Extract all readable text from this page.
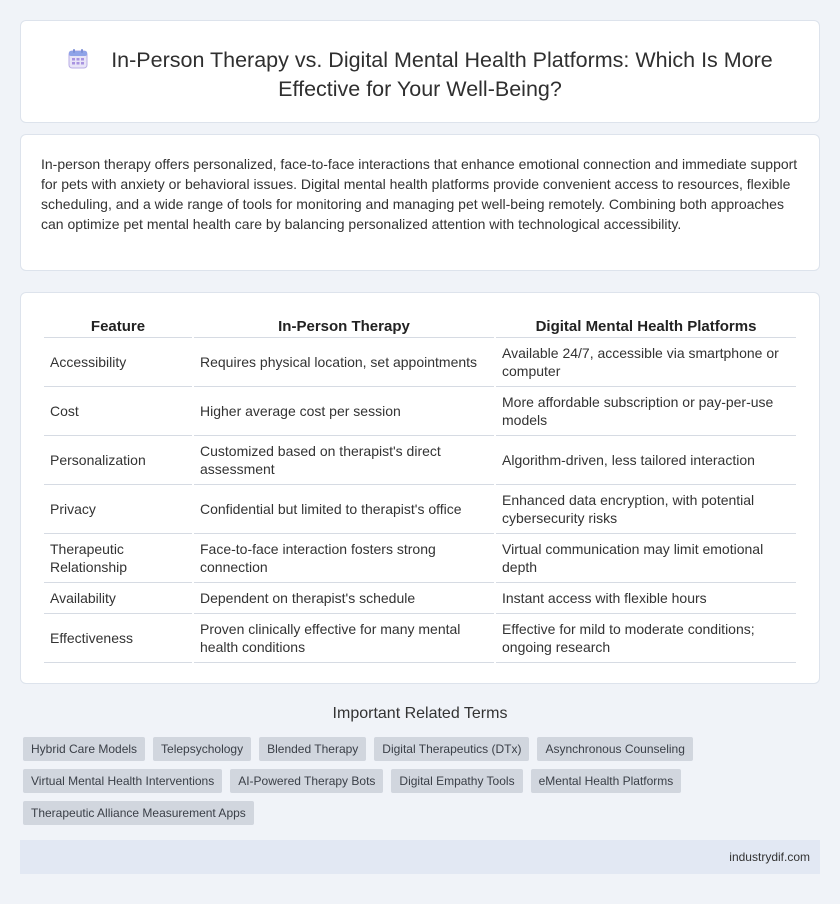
In-Person Therapy vs. Digital Mental Health Platforms: Which Is More Effective for Your Well-Being?

In-person therapy offers personalized, face-to-face interactions that enhance emotional connection and immediate support for pets with anxiety or behavioral issues. Digital mental health platforms provide convenient access to resources, flexible scheduling, and a wide range of tools for monitoring and managing pet well-being remotely. Combining both approaches can optimize pet mental health care by balancing personalized attention with technological accessibility.

Feature	In-Person Therapy	Digital Mental Health Platforms
Accessibility	Requires physical location, set appointments	Available 24/7, accessible via smartphone or computer
Cost	Higher average cost per session	More affordable subscription or pay-per-use models
Personalization	Customized based on therapist's direct assessment	Algorithm-driven, less tailored interaction
Privacy	Confidential but limited to therapist's office	Enhanced data encryption, with potential cybersecurity risks
Therapeutic Relationship	Face-to-face interaction fosters strong connection	Virtual communication may limit emotional depth
Availability	Dependent on therapist's schedule	Instant access with flexible hours
Effectiveness	Proven clinically effective for many mental health conditions	Effective for mild to moderate conditions; ongoing research
Important Related Terms
Hybrid Care Models	Telepsychology	Blended Therapy	Digital Therapeutics (DTx)	Asynchronous Counseling
Virtual Mental Health Interventions	AI-Powered Therapy Bots	Digital Empathy Tools	eMental Health Platforms
Therapeutic Alliance Measurement Apps
industrydif.com
